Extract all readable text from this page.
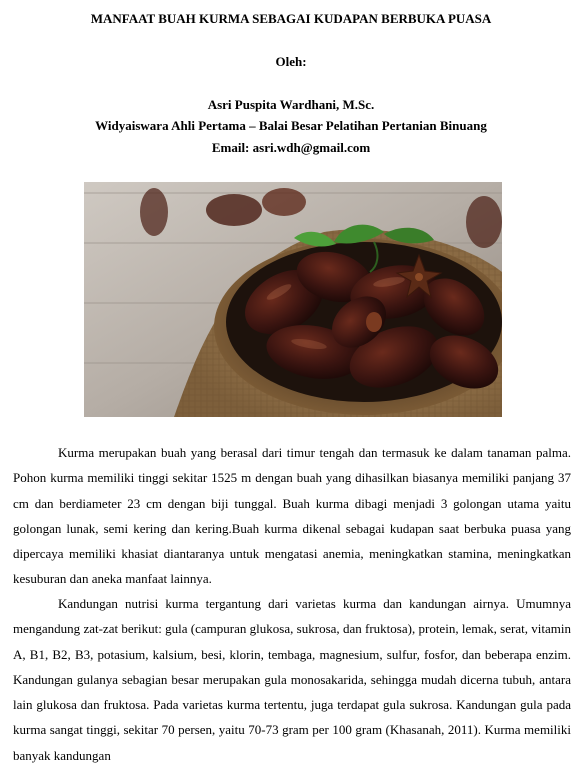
MANFAAT BUAH KURMA SEBAGAI KUDAPAN BERBUKA PUASA
Oleh:
Asri Puspita Wardhani, M.Sc.
Widyaiswara Ahli Pertama – Balai Besar Pelatihan Pertanian Binuang
Email: asri.wdh@gmail.com

Kurma merupakan buah yang berasal dari timur tengah dan termasuk ke dalam tanaman palma. Pohon kurma memiliki tinggi sekitar 1525 m dengan buah yang dihasilkan biasanya memiliki panjang 37 cm dan berdiameter 23 cm dengan biji tunggal. Buah kurma dibagi menjadi 3 golongan utama yaitu golongan lunak, semi kering dan kering.Buah kurma dikenal sebagai kudapan saat berbuka puasa yang dipercaya memiliki khasiat diantaranya untuk mengatasi anemia, meningkatkan stamina, meningkatkan kesuburan dan aneka manfaat lainnya.

Kandungan nutrisi kurma tergantung dari varietas kurma dan kandungan airnya. Umumnya mengandung zat-zat berikut: gula (campuran glukosa, sukrosa, dan fruktosa), protein, lemak, serat, vitamin A, B1, B2, B3, potasium, kalsium, besi, klorin, tembaga, magnesium, sulfur, fosfor, dan beberapa enzim. Kandungan gulanya sebagian besar merupakan gula monosakarida, sehingga mudah dicerna tubuh, antara lain glukosa dan fruktosa. Pada varietas kurma tertentu, juga terdapat gula sukrosa. Kandungan gula pada kurma sangat tinggi, sekitar 70 persen, yaitu 70-73 gram per 100 gram (Khasanah, 2011). Kurma memiliki banyak kandungan
